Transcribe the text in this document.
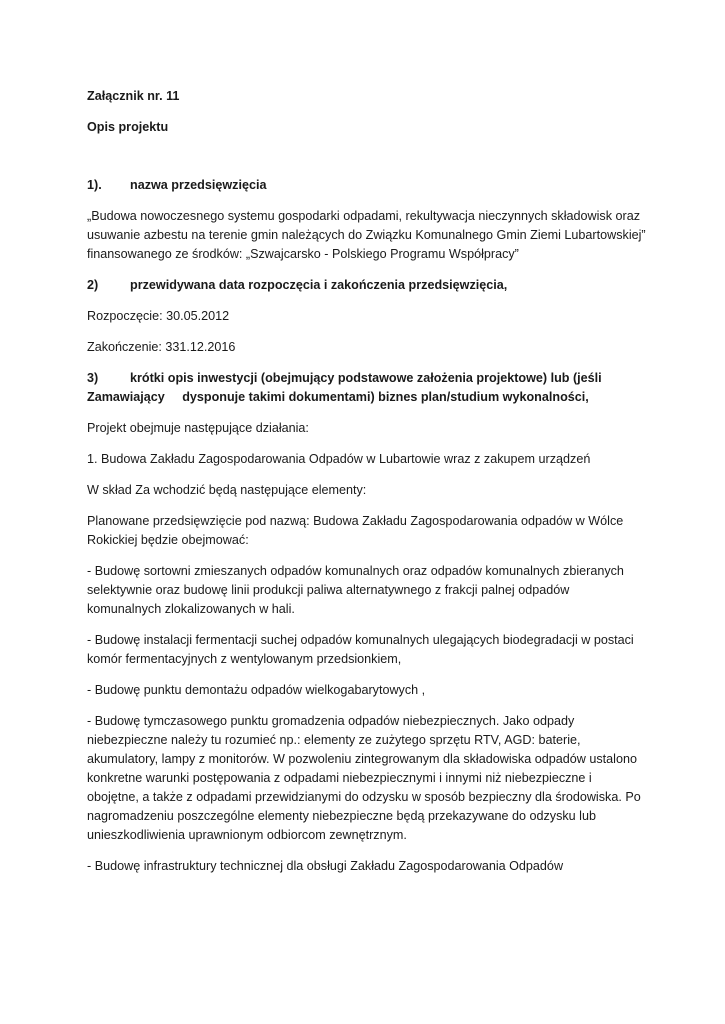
Załącznik nr. 11

Opis projektu

1). nazwa przedsięwzięcia

„Budowa nowoczesnego systemu gospodarki odpadami, rekultywacja nieczynnych składowisk oraz usuwanie azbestu na terenie gmin należących do Związku Komunalnego Gmin Ziemi Lubartowskiej” finansowanego ze środków: „Szwajcarsko - Polskiego Programu Współpracy”

2)	przewidywana data rozpoczęcia i zakończenia przedsięwzięcia,

Rozpoczęcie: 30.05.2012

Zakończenie: 331.12.2016

3)	krótki opis inwestycji (obejmujący podstawowe założenia projektowe) lub (jeśli
Zamawiający     dysponuje takimi dokumentami) biznes plan/studium wykonalności,

Projekt obejmuje następujące działania:

1. Budowa Zakładu Zagospodarowania Odpadów w Lubartowie wraz z zakupem urządzeń

W skład Za wchodzić będą następujące elementy:

Planowane przedsięwzięcie pod nazwą: Budowa Zakładu Zagospodarowania odpadów w Wólce Rokickiej będzie obejmować:

- Budowę sortowni zmieszanych odpadów komunalnych oraz odpadów komunalnych zbieranych selektywnie oraz budowę linii produkcji paliwa alternatywnego z frakcji palnej odpadów komunalnych zlokalizowanych w hali.

- Budowę instalacji fermentacji suchej odpadów komunalnych ulegających biodegradacji w postaci komór fermentacyjnych z wentylowanym przedsionkiem,

- Budowę punktu demontażu odpadów wielkogabarytowych ,

- Budowę tymczasowego punktu gromadzenia odpadów niebezpiecznych. Jako odpady niebezpieczne należy tu rozumieć np.: elementy ze zużytego sprzętu RTV, AGD: baterie, akumulatory, lampy z monitorów. W pozwoleniu zintegrowanym dla składowiska odpadów ustalono konkretne warunki postępowania z odpadami niebezpiecznymi i innymi niż niebezpieczne i obojętne, a także z odpadami przewidzianymi do odzysku w sposób bezpieczny dla środowiska. Po nagromadzeniu poszczególne elementy niebezpieczne będą przekazywane do odzysku lub unieszkodliwienia uprawnionym odbiorcom zewnętrznym.

- Budowę infrastruktury technicznej dla obsługi Zakładu Zagospodarowania Odpadów
